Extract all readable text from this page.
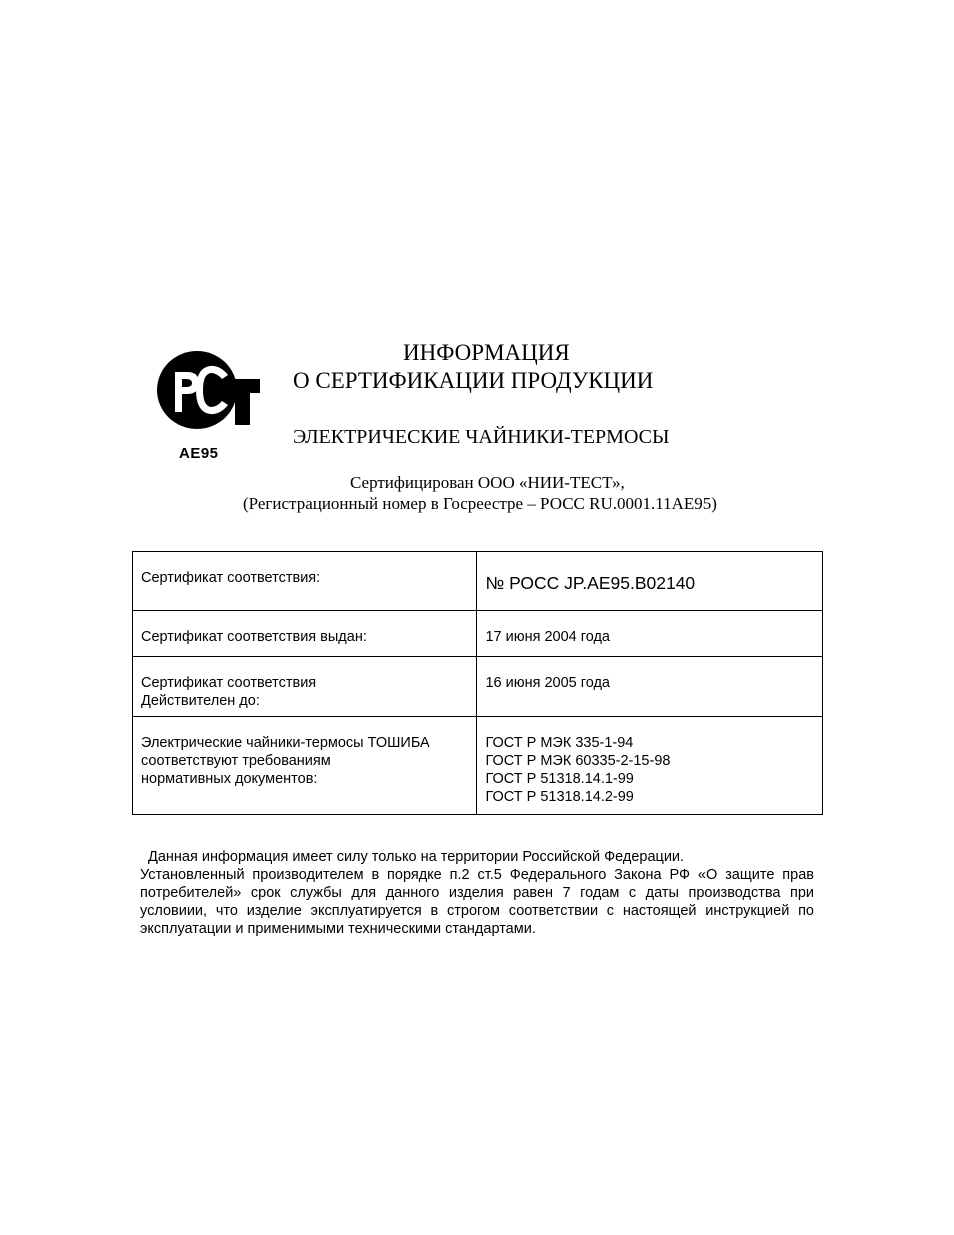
AE95
ИНФОРМАЦИЯ
О СЕРТИФИКАЦИИ ПРОДУКЦИИ
ЭЛЕКТРИЧЕСКИЕ ЧАЙНИКИ-ТЕРМОСЫ
Сертифицирован ООО «НИИ-ТЕСТ»,
(Регистрационный номер в Госреестре – РОСС RU.0001.11AE95)
Сертификат соответствия:	№ РОСС JP.AE95.B02140
Сертификат соответствия выдан:	17 июня 2004 года

Сертификат соответствия
Действителен до:	16 июня 2005 года

Электрические чайники-термосы ТОШИБА
соответствуют требованиям
нормативных документов:	ГОСТ Р МЭК 335-1-94
ГОСТ Р МЭК 60335-2-15-98
ГОСТ Р 51318.14.1-99
ГОСТ Р 51318.14.2-99

Данная информация имеет силу только на территории Российской Федерации.

Установленный производителем в порядке п.2 ст.5 Федерального Закона РФ «О защите прав потребителей» срок службы для данного изделия равен 7 годам с даты производства при условиии, что изделие эксплуатируется в строгом соответствии с настоящей инструкцией по эксплуатации и применимыми техническими стандартами.
